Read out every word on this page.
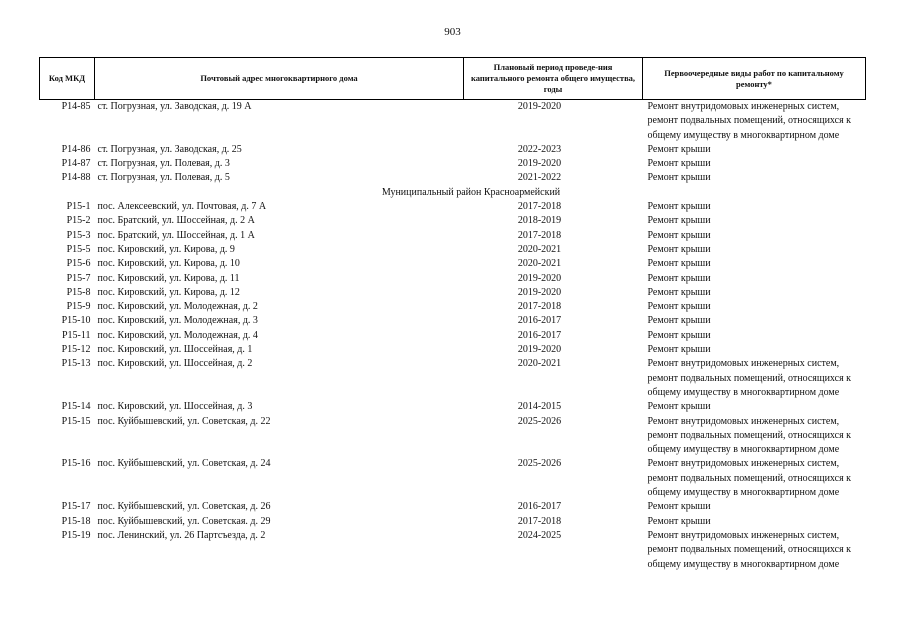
903
Код МКД	Почтовый адрес многоквартирного дома	Плановый период проведе-ния капитального ремонта общего имущества, годы	Первоочередные виды работ по капитальному ремонту*
Р14-85	ст. Погрузная, ул. Заводская, д. 19 А	2019-2020	Ремонт внутридомовых инженерных систем, ремонт подвальных помещений, относящихся к общему имуществу в многоквартирном доме
Р14-86	ст. Погрузная, ул. Заводская, д. 25	2022-2023	Ремонт крыши
Р14-87	ст. Погрузная, ул. Полевая, д. 3	2019-2020	Ремонт крыши
Р14-88	ст. Погрузная, ул. Полевая, д. 5	2021-2022	Ремонт крыши
Муниципальный район Красноармейский			
Р15-1	пос. Алексеевский, ул. Почтовая, д. 7 А	2017-2018	Ремонт крыши
Р15-2	пос. Братский, ул. Шоссейная, д. 2 А	2018-2019	Ремонт крыши
Р15-3	пос. Братский, ул. Шоссейная, д. 1 А	2017-2018	Ремонт крыши
Р15-5	пос. Кировский, ул. Кирова, д. 9	2020-2021	Ремонт крыши
Р15-6	пос. Кировский, ул. Кирова, д. 10	2020-2021	Ремонт крыши
Р15-7	пос. Кировский, ул. Кирова, д. 11	2019-2020	Ремонт крыши
Р15-8	пос. Кировский, ул. Кирова, д. 12	2019-2020	Ремонт крыши
Р15-9	пос. Кировский, ул. Молодежная, д. 2	2017-2018	Ремонт крыши
Р15-10	пос. Кировский, ул. Молодежная, д. 3	2016-2017	Ремонт крыши
Р15-11	пос. Кировский, ул. Молодежная, д. 4	2016-2017	Ремонт крыши
Р15-12	пос. Кировский, ул. Шоссейная, д. 1	2019-2020	Ремонт крыши
Р15-13	пос. Кировский, ул. Шоссейная, д. 2	2020-2021	Ремонт внутридомовых инженерных систем, ремонт подвальных помещений, относящихся к общему имуществу в многоквартирном доме
Р15-14	пос. Кировский, ул. Шоссейная, д. 3	2014-2015	Ремонт крыши
Р15-15	пос. Куйбышевский, ул. Советская, д. 22	2025-2026	Ремонт внутридомовых инженерных систем, ремонт подвальных помещений, относящихся к общему имуществу в многоквартирном доме
Р15-16	пос. Куйбышевский, ул. Советская, д. 24	2025-2026	Ремонт внутридомовых инженерных систем, ремонт подвальных помещений, относящихся к общему имуществу в многоквартирном доме
Р15-17	пос. Куйбышевский, ул. Советская, д. 26	2016-2017	Ремонт крыши
Р15-18	пос. Куйбышевский, ул. Советская. д. 29	2017-2018	Ремонт крыши
Р15-19	пос. Ленинский, ул. 26 Партсъезда, д. 2	2024-2025	Ремонт внутридомовых инженерных систем, ремонт подвальных помещений, относящихся к общему имуществу в многоквартирном доме
